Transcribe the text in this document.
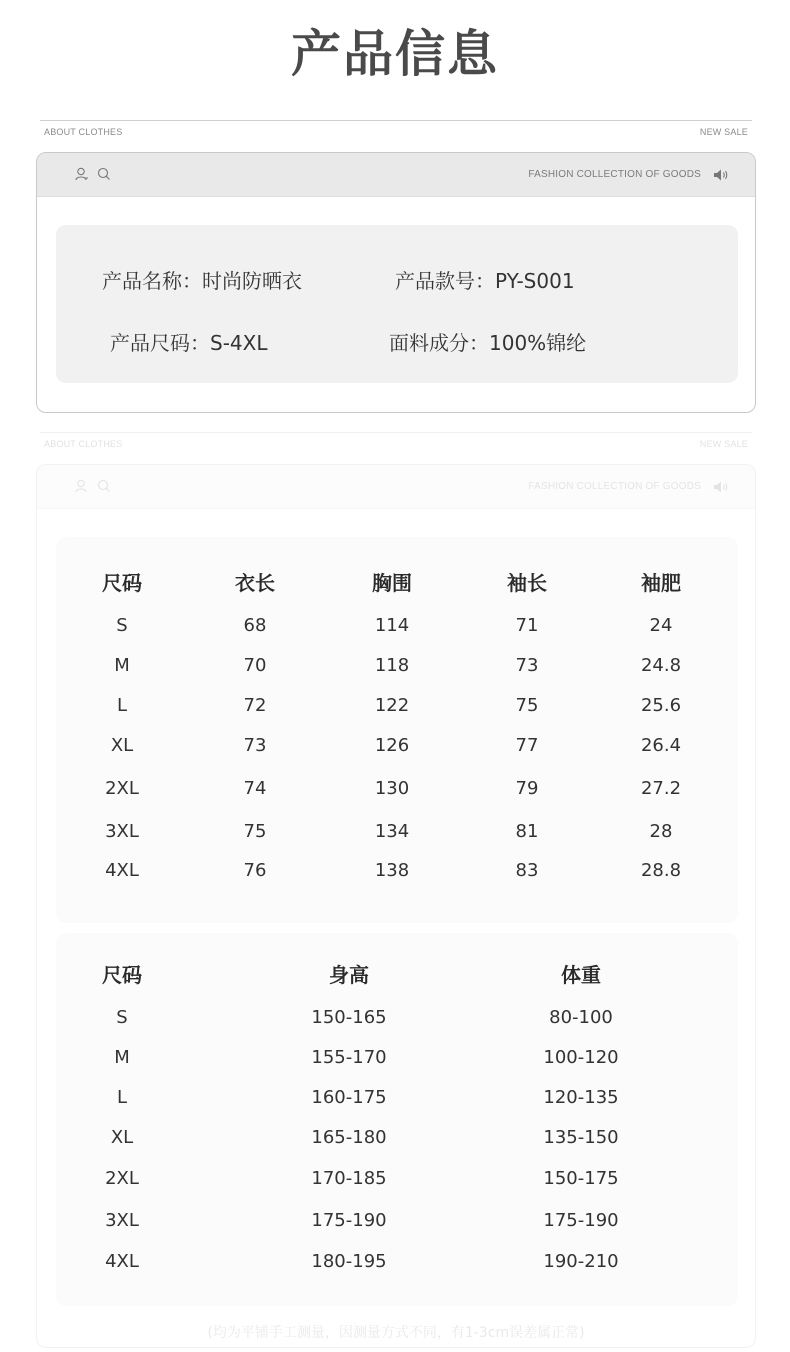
产品信息
ABOUT CLOTHES	NEW SALE
FASHION COLLECTION OF GOODS
产品名称：时尚防晒衣	产品款号：PY-S001
产品尺码：S-4XL	面料成分：100%锦纶
ABOUT CLOTHES	NEW SALE
FASHION COLLECTION OF GOODS
尺码	衣长	胸围	袖长	袖肥
S	68	114	71	24
M	70	118	73	24.8
L	72	122	75	25.6
XL	73	126	77	26.4
2XL	74	130	79	27.2
3XL	75	134	81	28
4XL	76	138	83	28.8
尺码	身高	体重
S	150-165	80-100
M	155-170	100-120
L	160-175	120-135
XL	165-180	135-150
2XL	170-185	150-175
3XL	175-190	175-190
4XL	180-195	190-210
(均为平铺手工测量，因测量方式不同，有1-3cm误差属正常)
